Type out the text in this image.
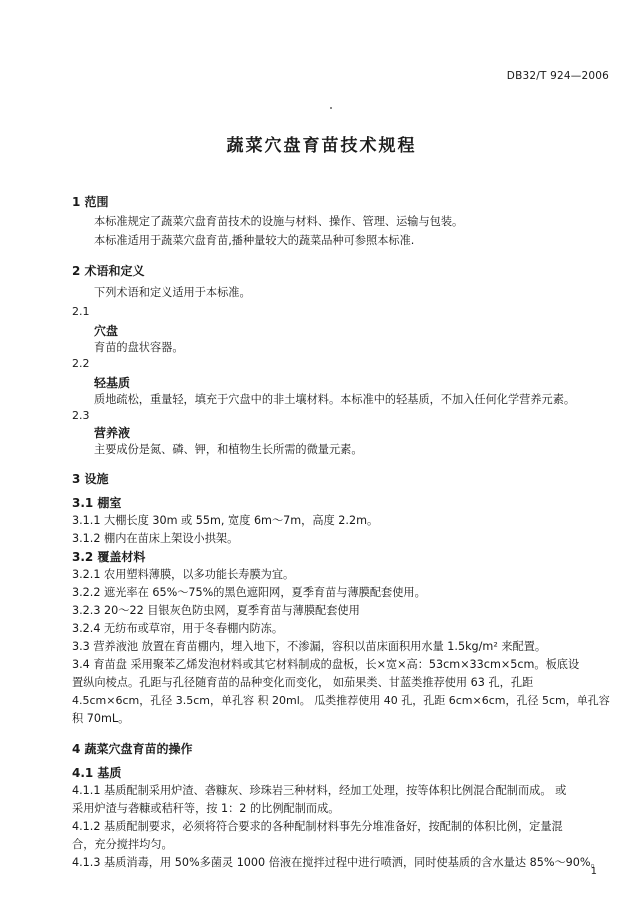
DB32/T 924—2006
蔬菜穴盘育苗技术规程
1 范围
本标准规定了蔬菜穴盘育苗技术的设施与材料、操作、管理、运输与包装。
本标准适用于蔬菜穴盘育苗,播种量较大的蔬菜品种可参照本标准.
2 术语和定义
下列术语和定义适用于本标准。
2.1
穴盘
育苗的盘状容器。
2.2
轻基质
质地疏松，重量轻，填充于穴盘中的非土壤材料。本标准中的轻基质，不加入任何化学营养元素。
2.3
营养液
主要成份是氮、磷、钾，和植物生长所需的微量元素。
3 设施
3.1 棚室
3.1.1 大棚长度 30m 或 55m, 宽度 6m～7m，高度 2.2m。
3.1.2 棚内在苗床上架设小拱架。
3.2 覆盖材料
3.2.1 农用塑料薄膜，以多功能长寿膜为宜。
3.2.2 遮光率在 65%～75%的黑色遮阳网，夏季育苗与薄膜配套使用。
3.2.3 20～22 目银灰色防虫网，夏季育苗与薄膜配套使用
3.2.4 无纺布或草帘，用于冬春棚内防冻。
3.3 营养液池 放置在育苗棚内，埋入地下，不渗漏，容积以苗床面积用水量 1.5kg/m² 来配置。
3.4 育苗盘 采用聚苯乙烯发泡材料或其它材料制成的盘板，长×宽×高：53cm×33cm×5cm。板底设
置纵向棱点。孔距与孔径随育苗的品种变化而变化， 如茄果类、甘蓝类推荐使用 63 孔，孔距
4.5cm×6cm，孔径 3.5cm，单孔容 积 20ml。 瓜类推荐使用 40 孔，孔距 6cm×6cm，孔径 5cm，单孔容
积 70mL。
4 蔬菜穴盘育苗的操作
4.1 基质
4.1.1 基质配制采用炉渣、砻糠灰、珍珠岩三种材料，经加工处理，按等体积比例混合配制而成。 或
采用炉渣与砻糠或秸秆等，按 1：2 的比例配制而成。
4.1.2 基质配制要求，必须将符合要求的各种配制材料事先分堆准备好，按配制的体积比例，定量混
合，充分搅拌均匀。
4.1.3 基质消毒，用 50%多菌灵 1000 倍液在搅拌过程中进行喷洒，同时使基质的含水量达 85%～90%。
1
